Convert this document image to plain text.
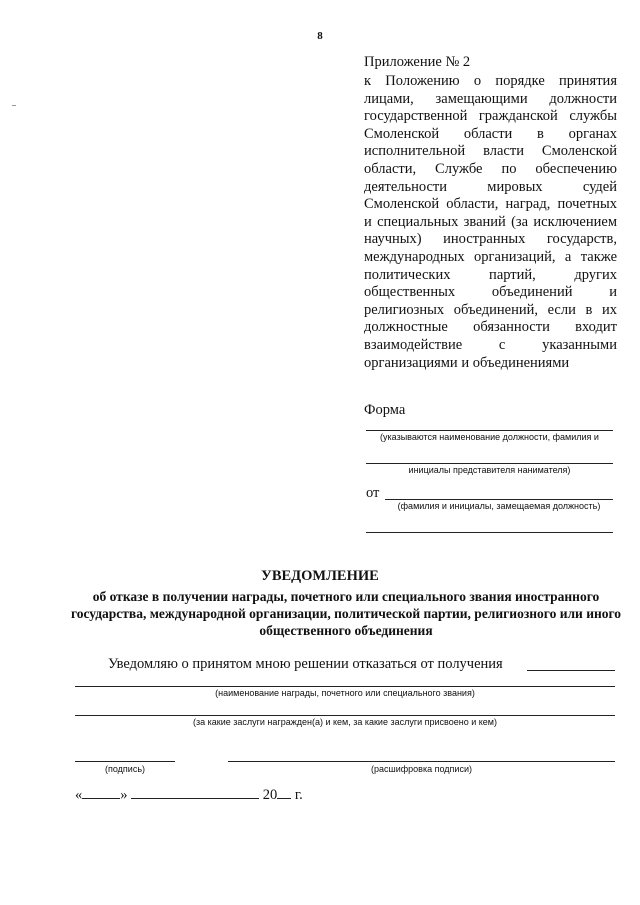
8
Приложение № 2
к Положению о порядке принятия лицами, замещающими должности государственной гражданской службы Смоленской области в органах исполнительной власти Смоленской области, Службе по обеспечению деятельности мировых судей Смоленской области, наград, почетных и специальных званий (за исключением научных) иностранных государств, международных организаций, а также политических партий, других общественных объединений и религиозных объединений, если в их должностные обязанности входит взаимодействие с указанными организациями и объединениями
Форма
(указываются наименование должности, фамилия и
инициалы представителя нанимателя)
от
(фамилия и инициалы, замещаемая должность)
УВЕДОМЛЕНИЕ
об отказе в получении награды, почетного или специального звания иностранного государства, международной организации, политической партии, религиозного или иного общественного объединения
Уведомляю о принятом мною решении отказаться от получения
(наименование награды, почетного или специального звания)
(за какие заслуги награжден(а) и кем, за какие заслуги присвоено и кем)
(подпись)	(расшифровка подписи)
«	»	20 г.
